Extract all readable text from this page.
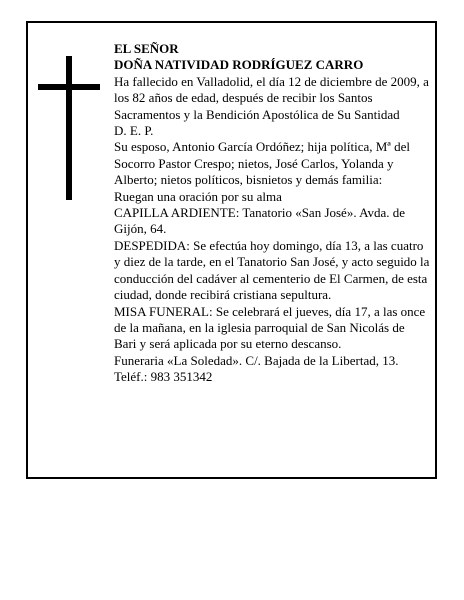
EL SEÑOR

DOÑA NATIVIDAD RODRÍGUEZ CARRO

Ha fallecido en Valladolid, el día 12 de diciembre de 2009, a los 82 años de edad, después de recibir los Santos Sacramentos y la Bendición Apostólica de Su Santidad

D. E. P.

Su esposo, Antonio García Ordóñez; hija política, Mª del Socorro Pastor Crespo; nietos, José Carlos, Yolanda y Alberto; nietos políticos, bisnietos y demás familia:

Ruegan una oración por su alma

CAPILLA ARDIENTE: Tanatorio «San José». Avda. de Gijón, 64.

DESPEDIDA: Se efectúa hoy domingo, día 13, a las cuatro y diez de la tarde, en el Tanatorio San José, y acto seguido la conducción del cadáver al cementerio de El Carmen, de esta ciudad, donde recibirá cristiana sepultura.

MISA FUNERAL: Se celebrará el jueves, día 17, a las once de la mañana, en la iglesia parroquial de San Nicolás de Bari y será aplicada por su eterno descanso.

Funeraria «La Soledad». C/. Bajada de la Libertad, 13. Teléf.: 983 351342
